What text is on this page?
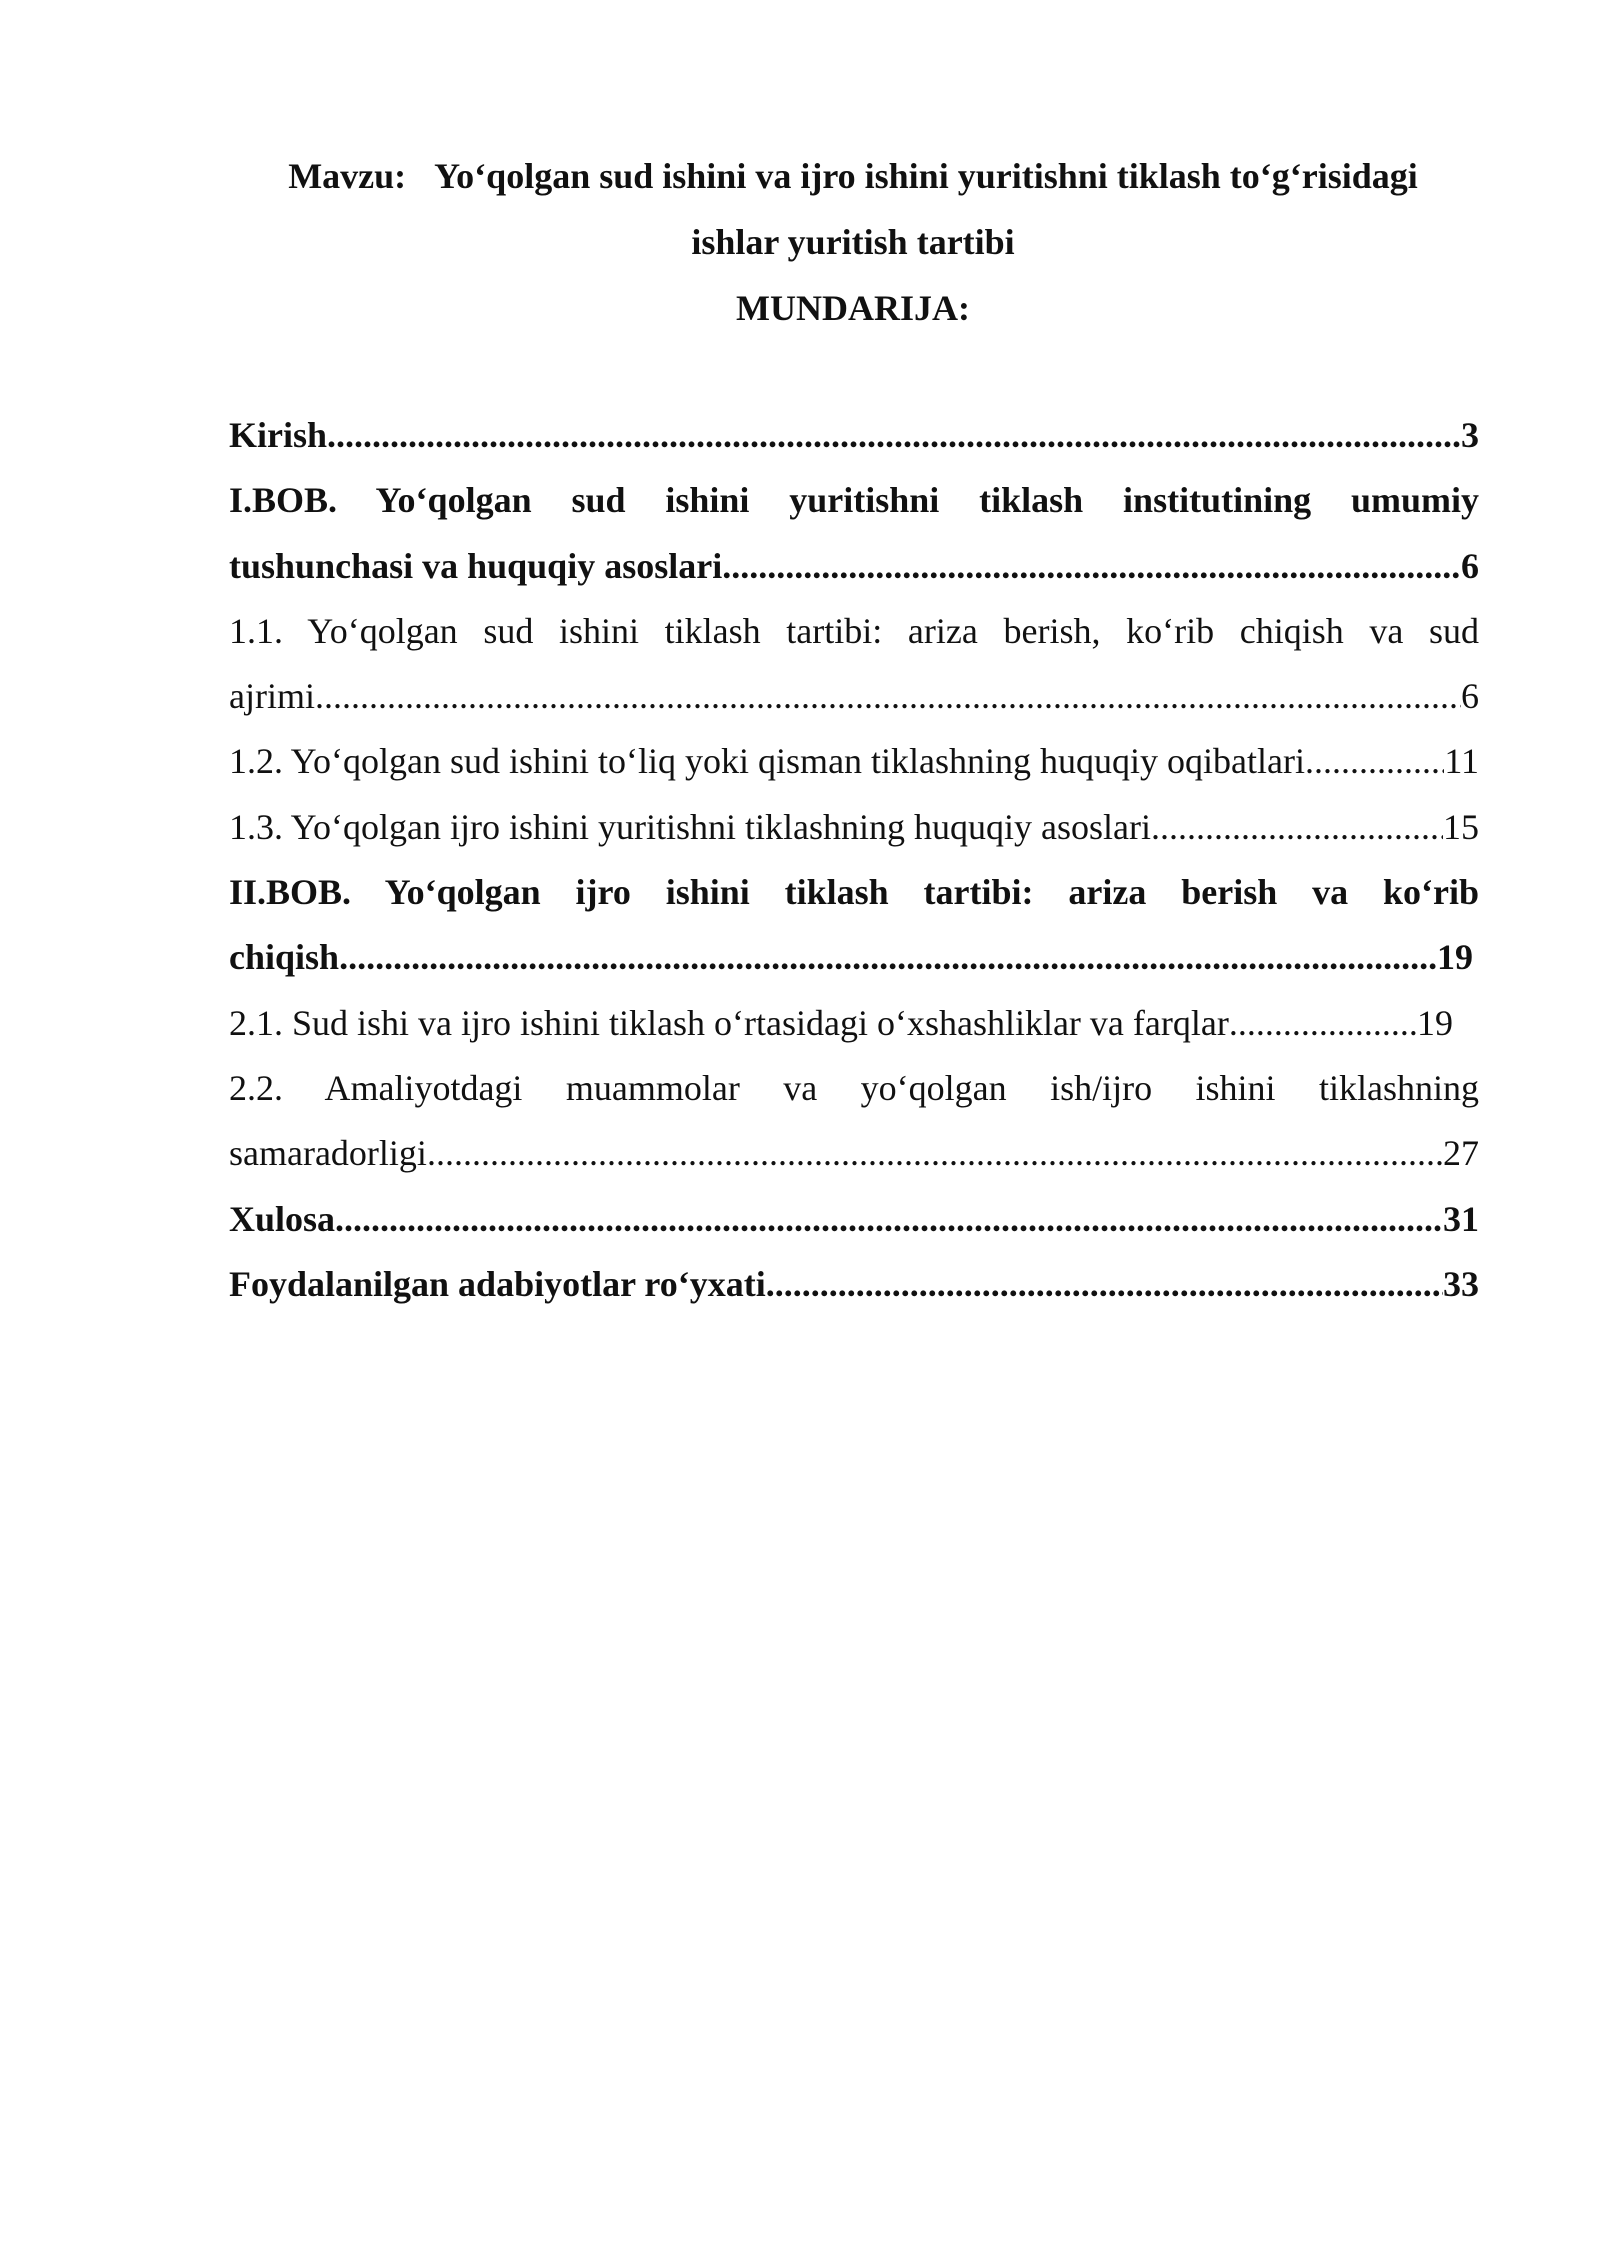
Mavzu: Yo‘qolgan sud ishini va ijro ishini yuritishni tiklash to‘g‘risidagi
ishlar yuritish tartibi
MUNDARIJA:
Kirish .....	3
I.BOB. Yo‘qolgan sud ishini yuritishni tiklash institutining umumiy
tushunchasi va huquqiy asoslari .....	6
1.1. Yo‘qolgan sud ishini tiklash tartibi: ariza berish, ko‘rib chiqish va sud
ajrimi .....	6
1.2. Yo‘qolgan sud ishini to‘liq yoki qisman tiklashning huquqiy oqibatlari .....	11
1.3. Yo‘qolgan ijro ishini yuritishni tiklashning huquqiy asoslari .....	15
II.BOB. Yo‘qolgan ijro ishini tiklash tartibi: ariza berish va ko‘rib
chiqish .....	19
2.1. Sud ishi va ijro ishini tiklash o‘rtasidagi o‘xshashliklar va farqlar .....	19
2.2. Amaliyotdagi muammolar va yo‘qolgan ish/ijro ishini tiklashning
samaradorligi .....	27
Xulosa .....	31
Foydalanilgan adabiyotlar ro‘yxati .....	33
